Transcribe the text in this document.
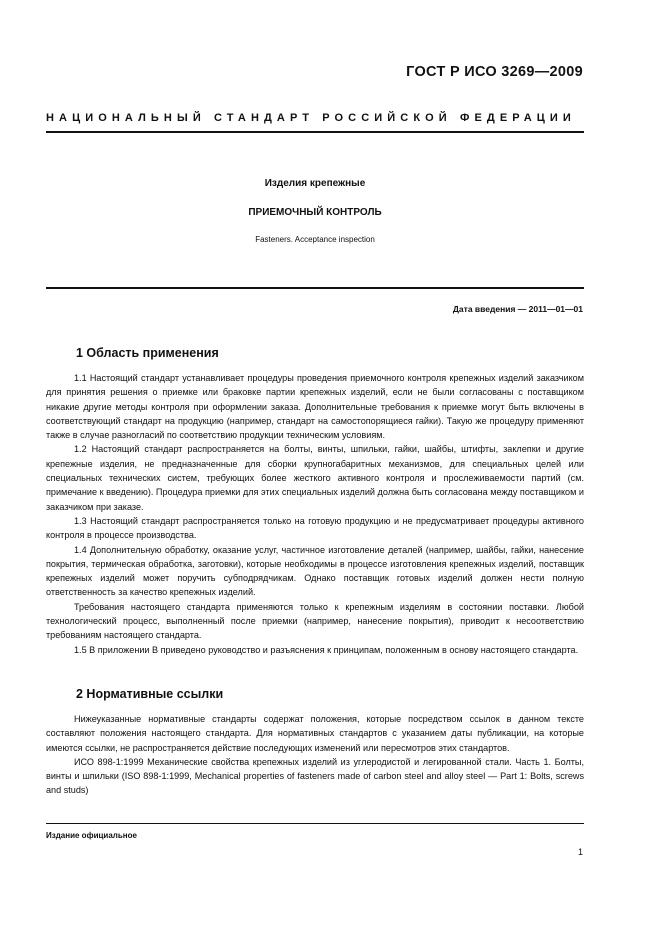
ГОСТ Р ИСО 3269—2009
НАЦИОНАЛЬНЫЙ СТАНДАРТ РОССИЙСКОЙ ФЕДЕРАЦИИ
Изделия крепежные
ПРИЕМОЧНЫЙ КОНТРОЛЬ
Fasteners. Acceptance inspection
Дата введения — 2011—01—01
1 Область применения

1.1 Настоящий стандарт устанавливает процедуры проведения приемочного контроля крепежных изделий заказчиком для принятия решения о приемке или браковке партии крепежных изделий, если не были согласованы с поставщиком никакие другие методы контроля при оформлении заказа. Дополнительные требования к приемке могут быть включены в соответствующий стандарт на продукцию (например, стандарт на самостопорящиеся гайки). Такую же процедуру применяют также в случае разногласий по соответствию продукции техническим условиям.

1.2 Настоящий стандарт распространяется на болты, винты, шпильки, гайки, шайбы, штифты, заклепки и другие крепежные изделия, не предназначенные для сборки крупногабаритных механизмов, для специальных целей или специальных технических систем, требующих более жесткого активного контроля и прослеживаемости партий (см. примечание к введению). Процедура приемки для этих специальных изделий должна быть согласована между поставщиком и заказчиком при заказе.

1.3 Настоящий стандарт распространяется только на готовую продукцию и не предусматривает процедуры активного контроля в процессе производства.

1.4 Дополнительную обработку, оказание услуг, частичное изготовление деталей (например, шайбы, гайки, нанесение покрытия, термическая обработка, заготовки), которые необходимы в процессе изготовления крепежных изделий, поставщик крепежных изделий может поручить субподрядчикам. Однако поставщик готовых изделий должен нести полную ответственность за качество крепежных изделий.

Требования настоящего стандарта применяются только к крепежным изделиям в состоянии поставки. Любой технологический процесс, выполненный после приемки (например, нанесение покрытия), приводит к несоответствию требованиям настоящего стандарта.

1.5 В приложении В приведено руководство и разъяснения к принципам, положенным в основу настоящего стандарта.

2 Нормативные ссылки

Нижеуказанные нормативные стандарты содержат положения, которые посредством ссылок в данном тексте составляют положения настоящего стандарта. Для нормативных стандартов с указанием даты публикации, на которые имеются ссылки, не распространяется действие последующих изменений или пересмотров этих стандартов.

ИСО 898-1:1999 Механические свойства крепежных изделий из углеродистой и легированной стали. Часть 1. Болты, винты и шпильки (ISO 898-1:1999, Mechanical properties of fasteners made of carbon steel and alloy steel — Part 1: Bolts, screws and studs)

Издание официальное
1
